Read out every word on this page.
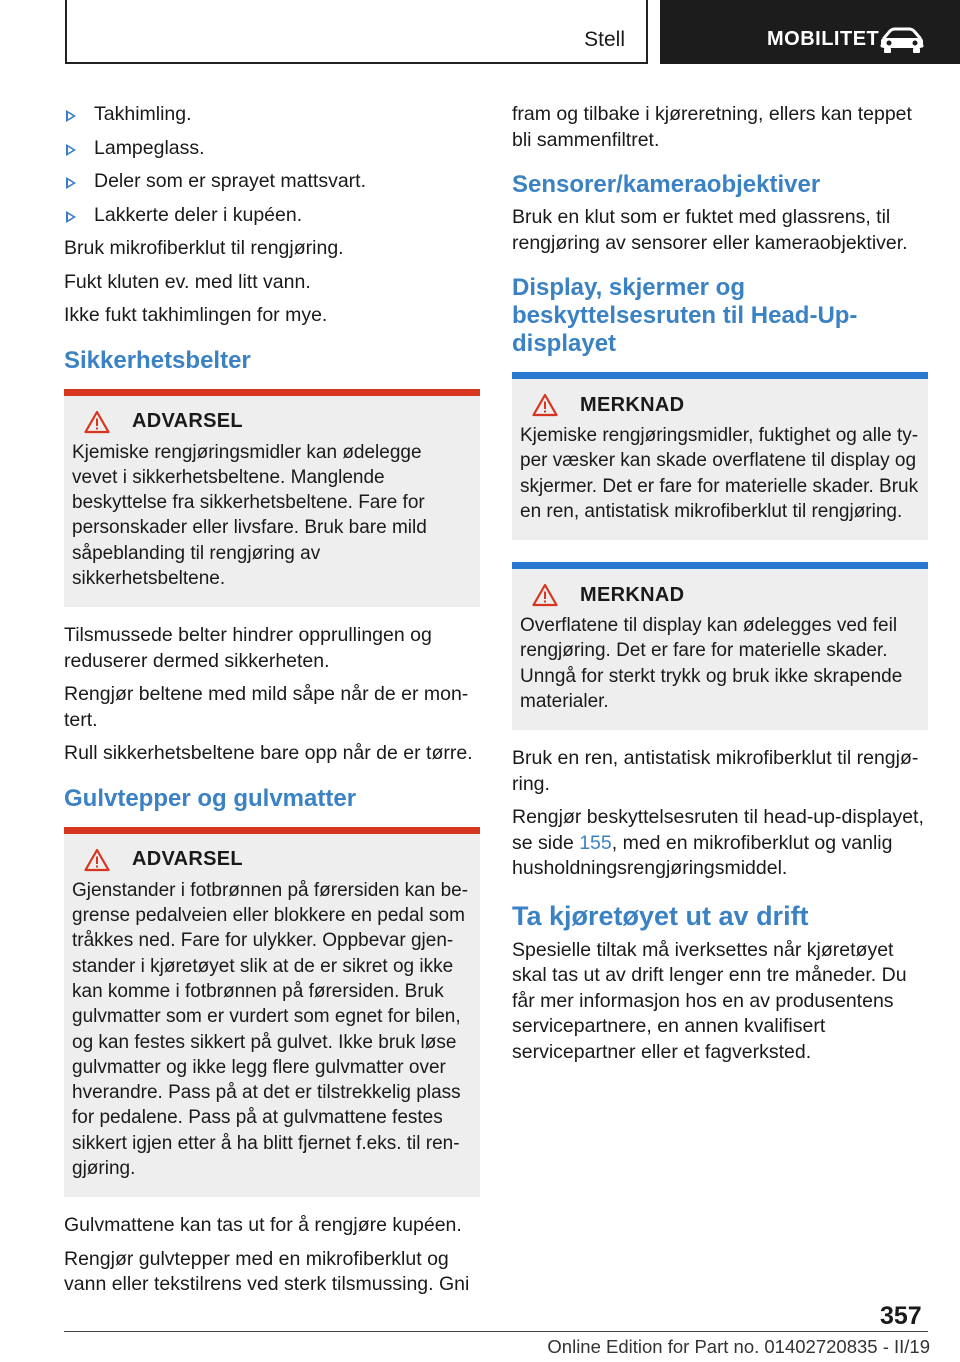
Stell	MOBILITET
Takhimling.
Lampeglass.
Deler som er sprayet mattsvart.
Lakkerte deler i kupéen.

Bruk mikrofiberklut til rengjøring.

Fukt kluten ev. med litt vann.

Ikke fukt takhimlingen for mye.

Sikkerhetsbelter
ADVARSEL

Kjemiske rengjøringsmidler kan ødelegge vevet i sikkerhetsbeltene. Manglende beskyttelse fra sikkerhetsbeltene. Fare for personskader eller livsfare. Bruk bare mild såpeblanding til rengjøring av sikkerhetsbeltene.

Tilsmussede belter hindrer opprullingen og reduserer dermed sikkerheten.

Rengjør beltene med mild såpe når de er montert.

Rull sikkerhetsbeltene bare opp når de er tørre.

Gulvtepper og gulvmatter
ADVARSEL

Gjenstander i fotbrønnen på førersiden kan begrense pedalveien eller blokkere en pedal som tråkkes ned. Fare for ulykker. Oppbevar gjenstander i kjøretøyet slik at de er sikret og ikke kan komme i fotbrønnen på førersiden. Bruk gulvmatter som er vurdert som egnet for bilen, og kan festes sikkert på gulvet. Ikke bruk løse gulvmatter og ikke legg flere gulvmatter over hverandre. Pass på at det er tilstrekkelig plass for pedalene. Pass på at gulvmattene festes sikkert igjen etter å ha blitt fjernet f.eks. til rengjøring.

Gulvmattene kan tas ut for å rengjøre kupéen.

Rengjør gulvtepper med en mikrofiberklut og vann eller tekstilrens ved sterk tilsmussing. Gni

fram og tilbake i kjøreretning, ellers kan teppet bli sammenfiltret.

Sensorer/kameraobjektiver

Bruk en klut som er fuktet med glassrens, til rengjøring av sensorer eller kameraobjektiver.

Display, skjermer og beskyttelsesruten til Head-Up-displayet
MERKNAD

Kjemiske rengjøringsmidler, fuktighet og alle typer væsker kan skade overflatene til display og skjermer. Det er fare for materielle skader. Bruk en ren, antistatisk mikrofiberklut til rengjøring.

MERKNAD

Overflatene til display kan ødelegges ved feil rengjøring. Det er fare for materielle skader. Unngå for sterkt trykk og bruk ikke skrapende materialer.

Bruk en ren, antistatisk mikrofiberklut til rengjøring.

Rengjør beskyttelsesruten til head-up-displayet, se side 155, med en mikrofiberklut og vanlig husholdningsrengjøringsmiddel.

Ta kjøretøyet ut av drift

Spesielle tiltak må iverksettes når kjøretøyet skal tas ut av drift lenger enn tre måneder. Du får mer informasjon hos en av produsentens servicepartnere, en annen kvalifisert servicepartner eller et fagverksted.

357
Online Edition for Part no. 01402720835 - II/19
